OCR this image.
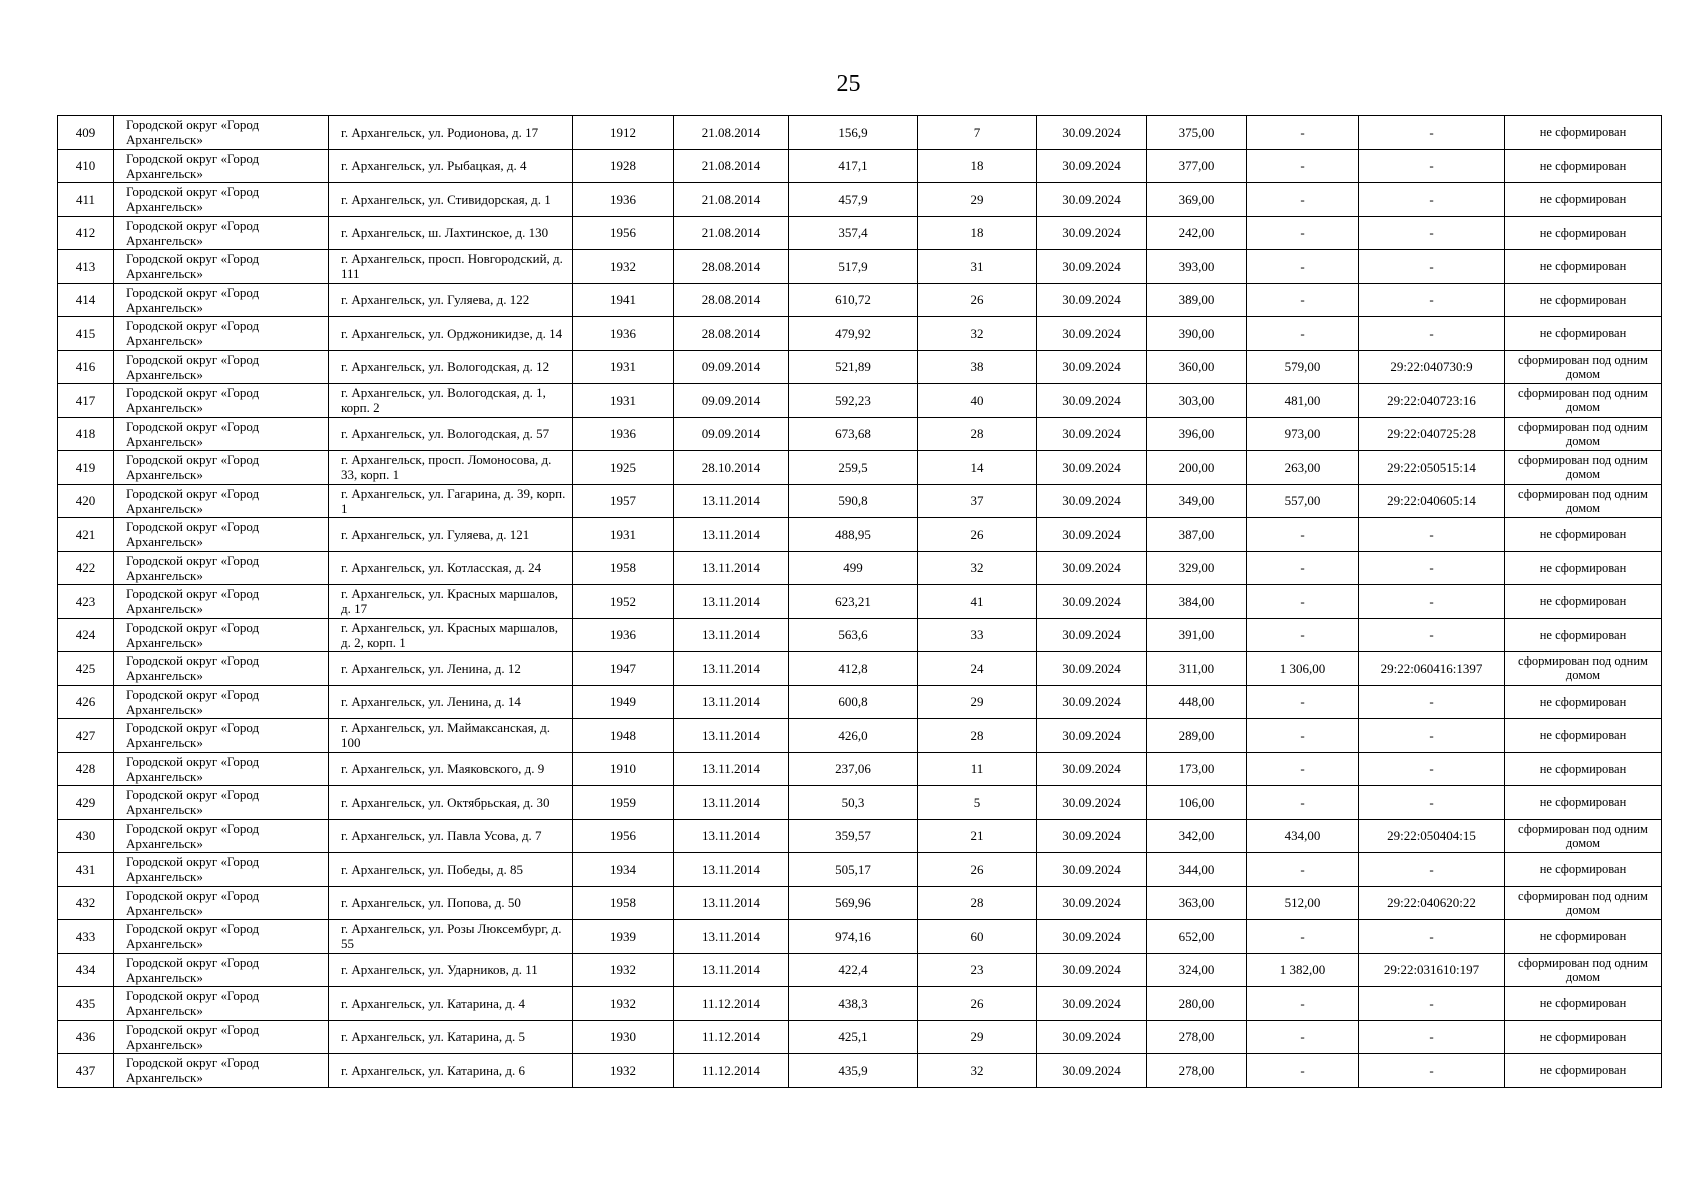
25
409	Городской округ «Город Архангельск»	г. Архангельск, ул. Родионова, д. 17	1912	21.08.2014	156,9	7	30.09.2024	375,00	-	-	не сформирован
410	Городской округ «Город Архангельск»	г. Архангельск, ул. Рыбацкая, д. 4	1928	21.08.2014	417,1	18	30.09.2024	377,00	-	-	не сформирован
411	Городской округ «Город Архангельск»	г. Архангельск, ул. Стивидорская, д. 1	1936	21.08.2014	457,9	29	30.09.2024	369,00	-	-	не сформирован
412	Городской округ «Город Архангельск»	г. Архангельск, ш. Лахтинское, д. 130	1956	21.08.2014	357,4	18	30.09.2024	242,00	-	-	не сформирован
413	Городской округ «Город Архангельск»	г. Архангельск, просп. Новгородский, д. 111	1932	28.08.2014	517,9	31	30.09.2024	393,00	-	-	не сформирован
414	Городской округ «Город Архангельск»	г. Архангельск, ул. Гуляева, д. 122	1941	28.08.2014	610,72	26	30.09.2024	389,00	-	-	не сформирован
415	Городской округ «Город Архангельск»	г. Архангельск, ул. Орджоникидзе, д. 14	1936	28.08.2014	479,92	32	30.09.2024	390,00	-	-	не сформирован
416	Городской округ «Город Архангельск»	г. Архангельск, ул. Вологодская, д. 12	1931	09.09.2014	521,89	38	30.09.2024	360,00	579,00	29:22:040730:9	сформирован под одним домом
417	Городской округ «Город Архангельск»	г. Архангельск, ул. Вологодская, д. 1, корп. 2	1931	09.09.2014	592,23	40	30.09.2024	303,00	481,00	29:22:040723:16	сформирован под одним домом
418	Городской округ «Город Архангельск»	г. Архангельск, ул. Вологодская, д. 57	1936	09.09.2014	673,68	28	30.09.2024	396,00	973,00	29:22:040725:28	сформирован под одним домом
419	Городской округ «Город Архангельск»	г. Архангельск, просп. Ломоносова, д. 33, корп. 1	1925	28.10.2014	259,5	14	30.09.2024	200,00	263,00	29:22:050515:14	сформирован под одним домом
420	Городской округ «Город Архангельск»	г. Архангельск, ул. Гагарина, д. 39, корп. 1	1957	13.11.2014	590,8	37	30.09.2024	349,00	557,00	29:22:040605:14	сформирован под одним домом
421	Городской округ «Город Архангельск»	г. Архангельск, ул. Гуляева, д. 121	1931	13.11.2014	488,95	26	30.09.2024	387,00	-	-	не сформирован
422	Городской округ «Город Архангельск»	г. Архангельск, ул. Котласская, д. 24	1958	13.11.2014	499	32	30.09.2024	329,00	-	-	не сформирован
423	Городской округ «Город Архангельск»	г. Архангельск, ул. Красных маршалов, д. 17	1952	13.11.2014	623,21	41	30.09.2024	384,00	-	-	не сформирован
424	Городской округ «Город Архангельск»	г. Архангельск, ул. Красных маршалов, д. 2, корп. 1	1936	13.11.2014	563,6	33	30.09.2024	391,00	-	-	не сформирован
425	Городской округ «Город Архангельск»	г. Архангельск, ул. Ленина, д. 12	1947	13.11.2014	412,8	24	30.09.2024	311,00	1 306,00	29:22:060416:1397	сформирован под одним домом
426	Городской округ «Город Архангельск»	г. Архангельск, ул. Ленина, д. 14	1949	13.11.2014	600,8	29	30.09.2024	448,00	-	-	не сформирован
427	Городской округ «Город Архангельск»	г. Архангельск, ул. Маймаксанская, д. 100	1948	13.11.2014	426,0	28	30.09.2024	289,00	-	-	не сформирован
428	Городской округ «Город Архангельск»	г. Архангельск, ул. Маяковского, д. 9	1910	13.11.2014	237,06	11	30.09.2024	173,00	-	-	не сформирован
429	Городской округ «Город Архангельск»	г. Архангельск, ул. Октябрьская, д. 30	1959	13.11.2014	50,3	5	30.09.2024	106,00	-	-	не сформирован
430	Городской округ «Город Архангельск»	г. Архангельск, ул. Павла Усова, д. 7	1956	13.11.2014	359,57	21	30.09.2024	342,00	434,00	29:22:050404:15	сформирован под одним домом
431	Городской округ «Город Архангельск»	г. Архангельск, ул. Победы, д. 85	1934	13.11.2014	505,17	26	30.09.2024	344,00	-	-	не сформирован
432	Городской округ «Город Архангельск»	г. Архангельск, ул. Попова, д. 50	1958	13.11.2014	569,96	28	30.09.2024	363,00	512,00	29:22:040620:22	сформирован под одним домом
433	Городской округ «Город Архангельск»	г. Архангельск, ул. Розы Люксембург, д. 55	1939	13.11.2014	974,16	60	30.09.2024	652,00	-	-	не сформирован
434	Городской округ «Город Архангельск»	г. Архангельск, ул. Ударников, д. 11	1932	13.11.2014	422,4	23	30.09.2024	324,00	1 382,00	29:22:031610:197	сформирован под одним домом
435	Городской округ «Город Архангельск»	г. Архангельск, ул. Катарина, д. 4	1932	11.12.2014	438,3	26	30.09.2024	280,00	-	-	не сформирован
436	Городской округ «Город Архангельск»	г. Архангельск, ул. Катарина, д. 5	1930	11.12.2014	425,1	29	30.09.2024	278,00	-	-	не сформирован
437	Городской округ «Город Архангельск»	г. Архангельск, ул. Катарина, д. 6	1932	11.12.2014	435,9	32	30.09.2024	278,00	-	-	не сформирован
